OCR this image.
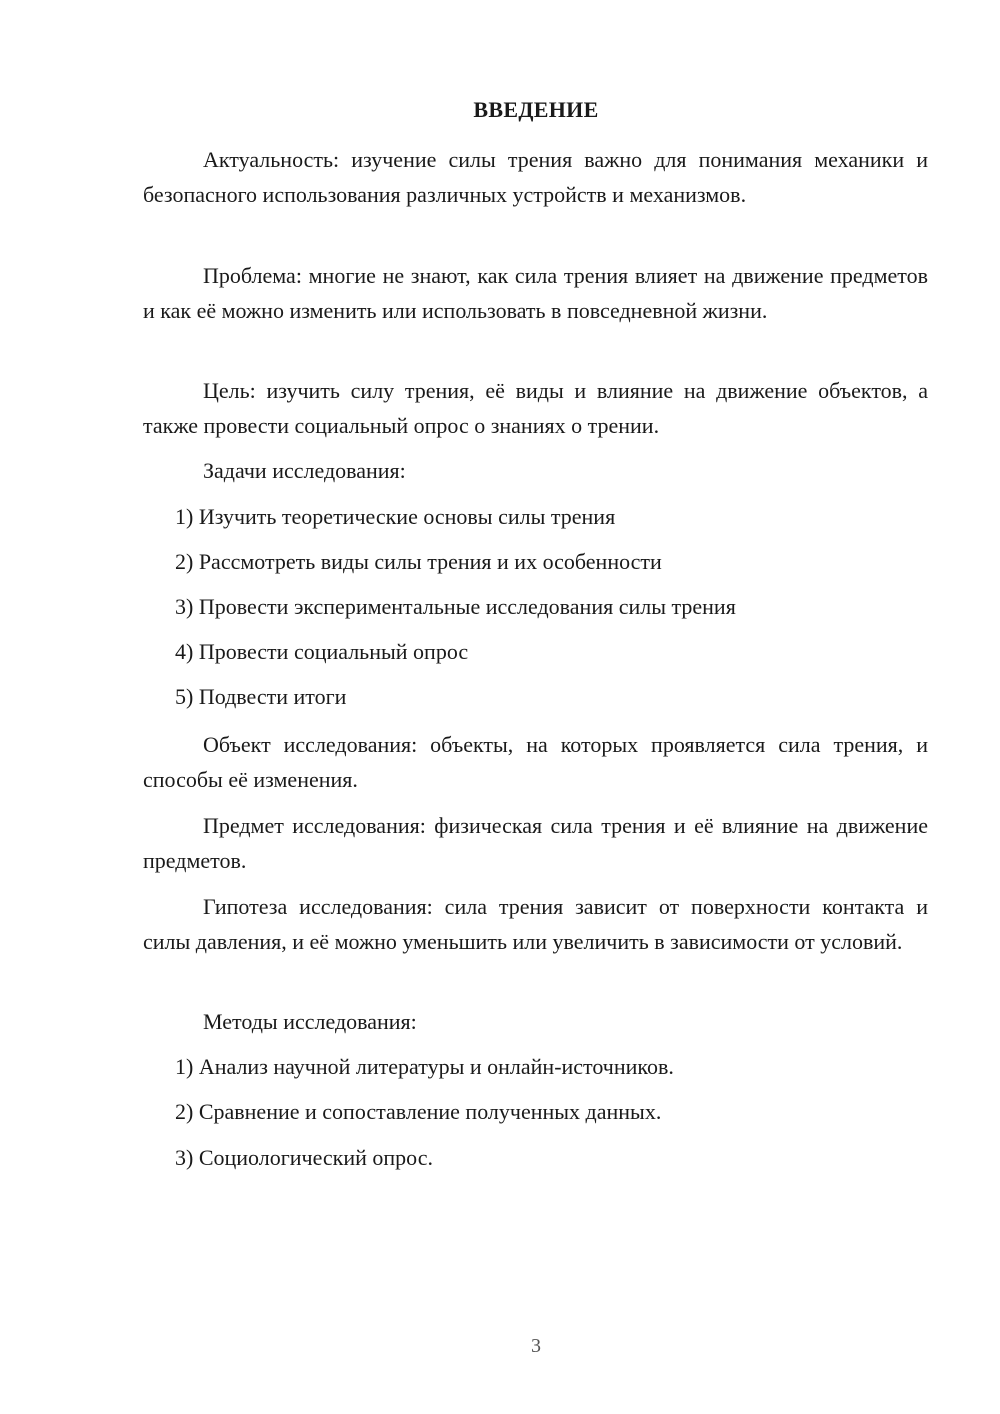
ВВЕДЕНИЕ

Актуальность: изучение силы трения важно для понимания механики и безопасного использования различных устройств и механизмов.

Проблема: многие не знают, как сила трения влияет на движение предметов и как её можно изменить или использовать в повседневной жизни.

Цель: изучить силу трения, её виды и влияние на движение объектов, а также провести социальный опрос о знаниях о трении.

Задачи исследования:

1) Изучить теоретические основы силы трения

2) Рассмотреть виды силы трения и их особенности

3) Провести экспериментальные исследования силы трения

4) Провести социальный опрос

5) Подвести итоги

Объект исследования: объекты, на которых проявляется сила трения, и способы её изменения.

Предмет исследования: физическая сила трения и её влияние на движение предметов.

Гипотеза исследования: сила трения зависит от поверхности контакта и силы давления, и её можно уменьшить или увеличить в зависимости от условий.

Методы исследования:

1) Анализ научной литературы и онлайн-источников.

2) Сравнение и сопоставление полученных данных.

3) Социологический опрос.

3
